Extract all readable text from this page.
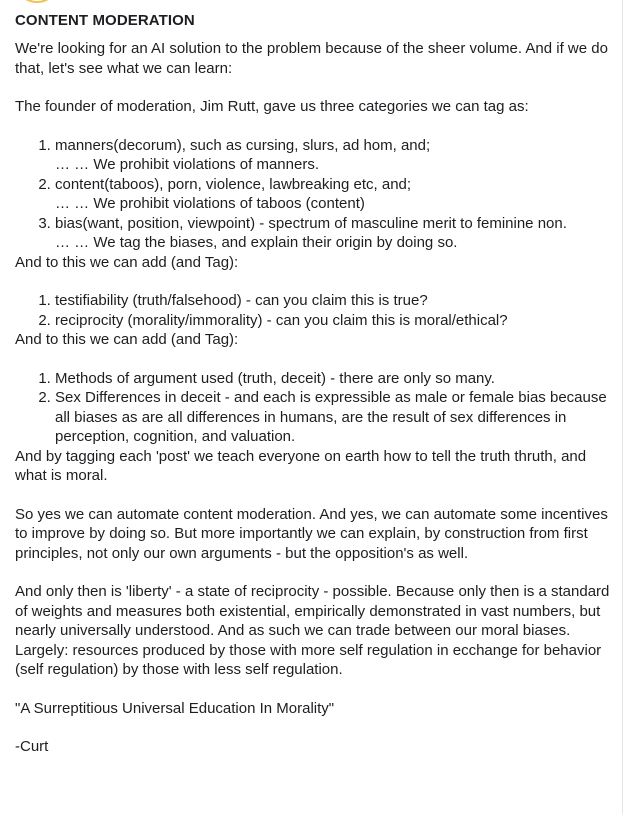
CONTENT MODERATION

We're looking for an AI solution to the problem because of the sheer volume. And if we do that, let's see what we can learn:

The founder of moderation, Jim Rutt, gave us three categories we can tag as:

1. manners(decorum), such as cursing, slurs, ad hom, and;
… … We prohibit violations of manners.
2. content(taboos), porn, violence, lawbreaking etc, and;
… … We prohibit violations of taboos (content)
3. bias(want, position, viewpoint) - spectrum of masculine merit to feminine non.
… … We tag the biases, and explain their origin by doing so.

And to this we can add (and Tag):

1. testifiability (truth/falsehood) - can you claim this is true?
2. reciprocity (morality/immorality) - can you claim this is moral/ethical?

And to this we can add (and Tag):

1. Methods of argument used (truth, deceit) - there are only so many.
2. Sex Differences in deceit - and each is expressible as male or female bias because all biases as are all differences in humans, are the result of sex differences in perception, cognition, and valuation.

And by tagging each 'post' we teach everyone on earth how to tell the truth thruth, and what is moral.

So yes we can automate content moderation. And yes, we can automate some incentives to improve by doing so. But more importantly we can explain, by construction from first principles, not only our own arguments - but the opposition's as well.

And only then is 'liberty' - a state of reciprocity - possible. Because only then is a standard of weights and measures both existential, empirically demonstrated in vast numbers, but nearly universally understood. And as such we can trade between our moral biases. Largely: resources produced by those with more self regulation in ecchange for behavior (self regulation) by those with less self regulation.

"A Surreptitious Universal Education In Morality"

-Curt
